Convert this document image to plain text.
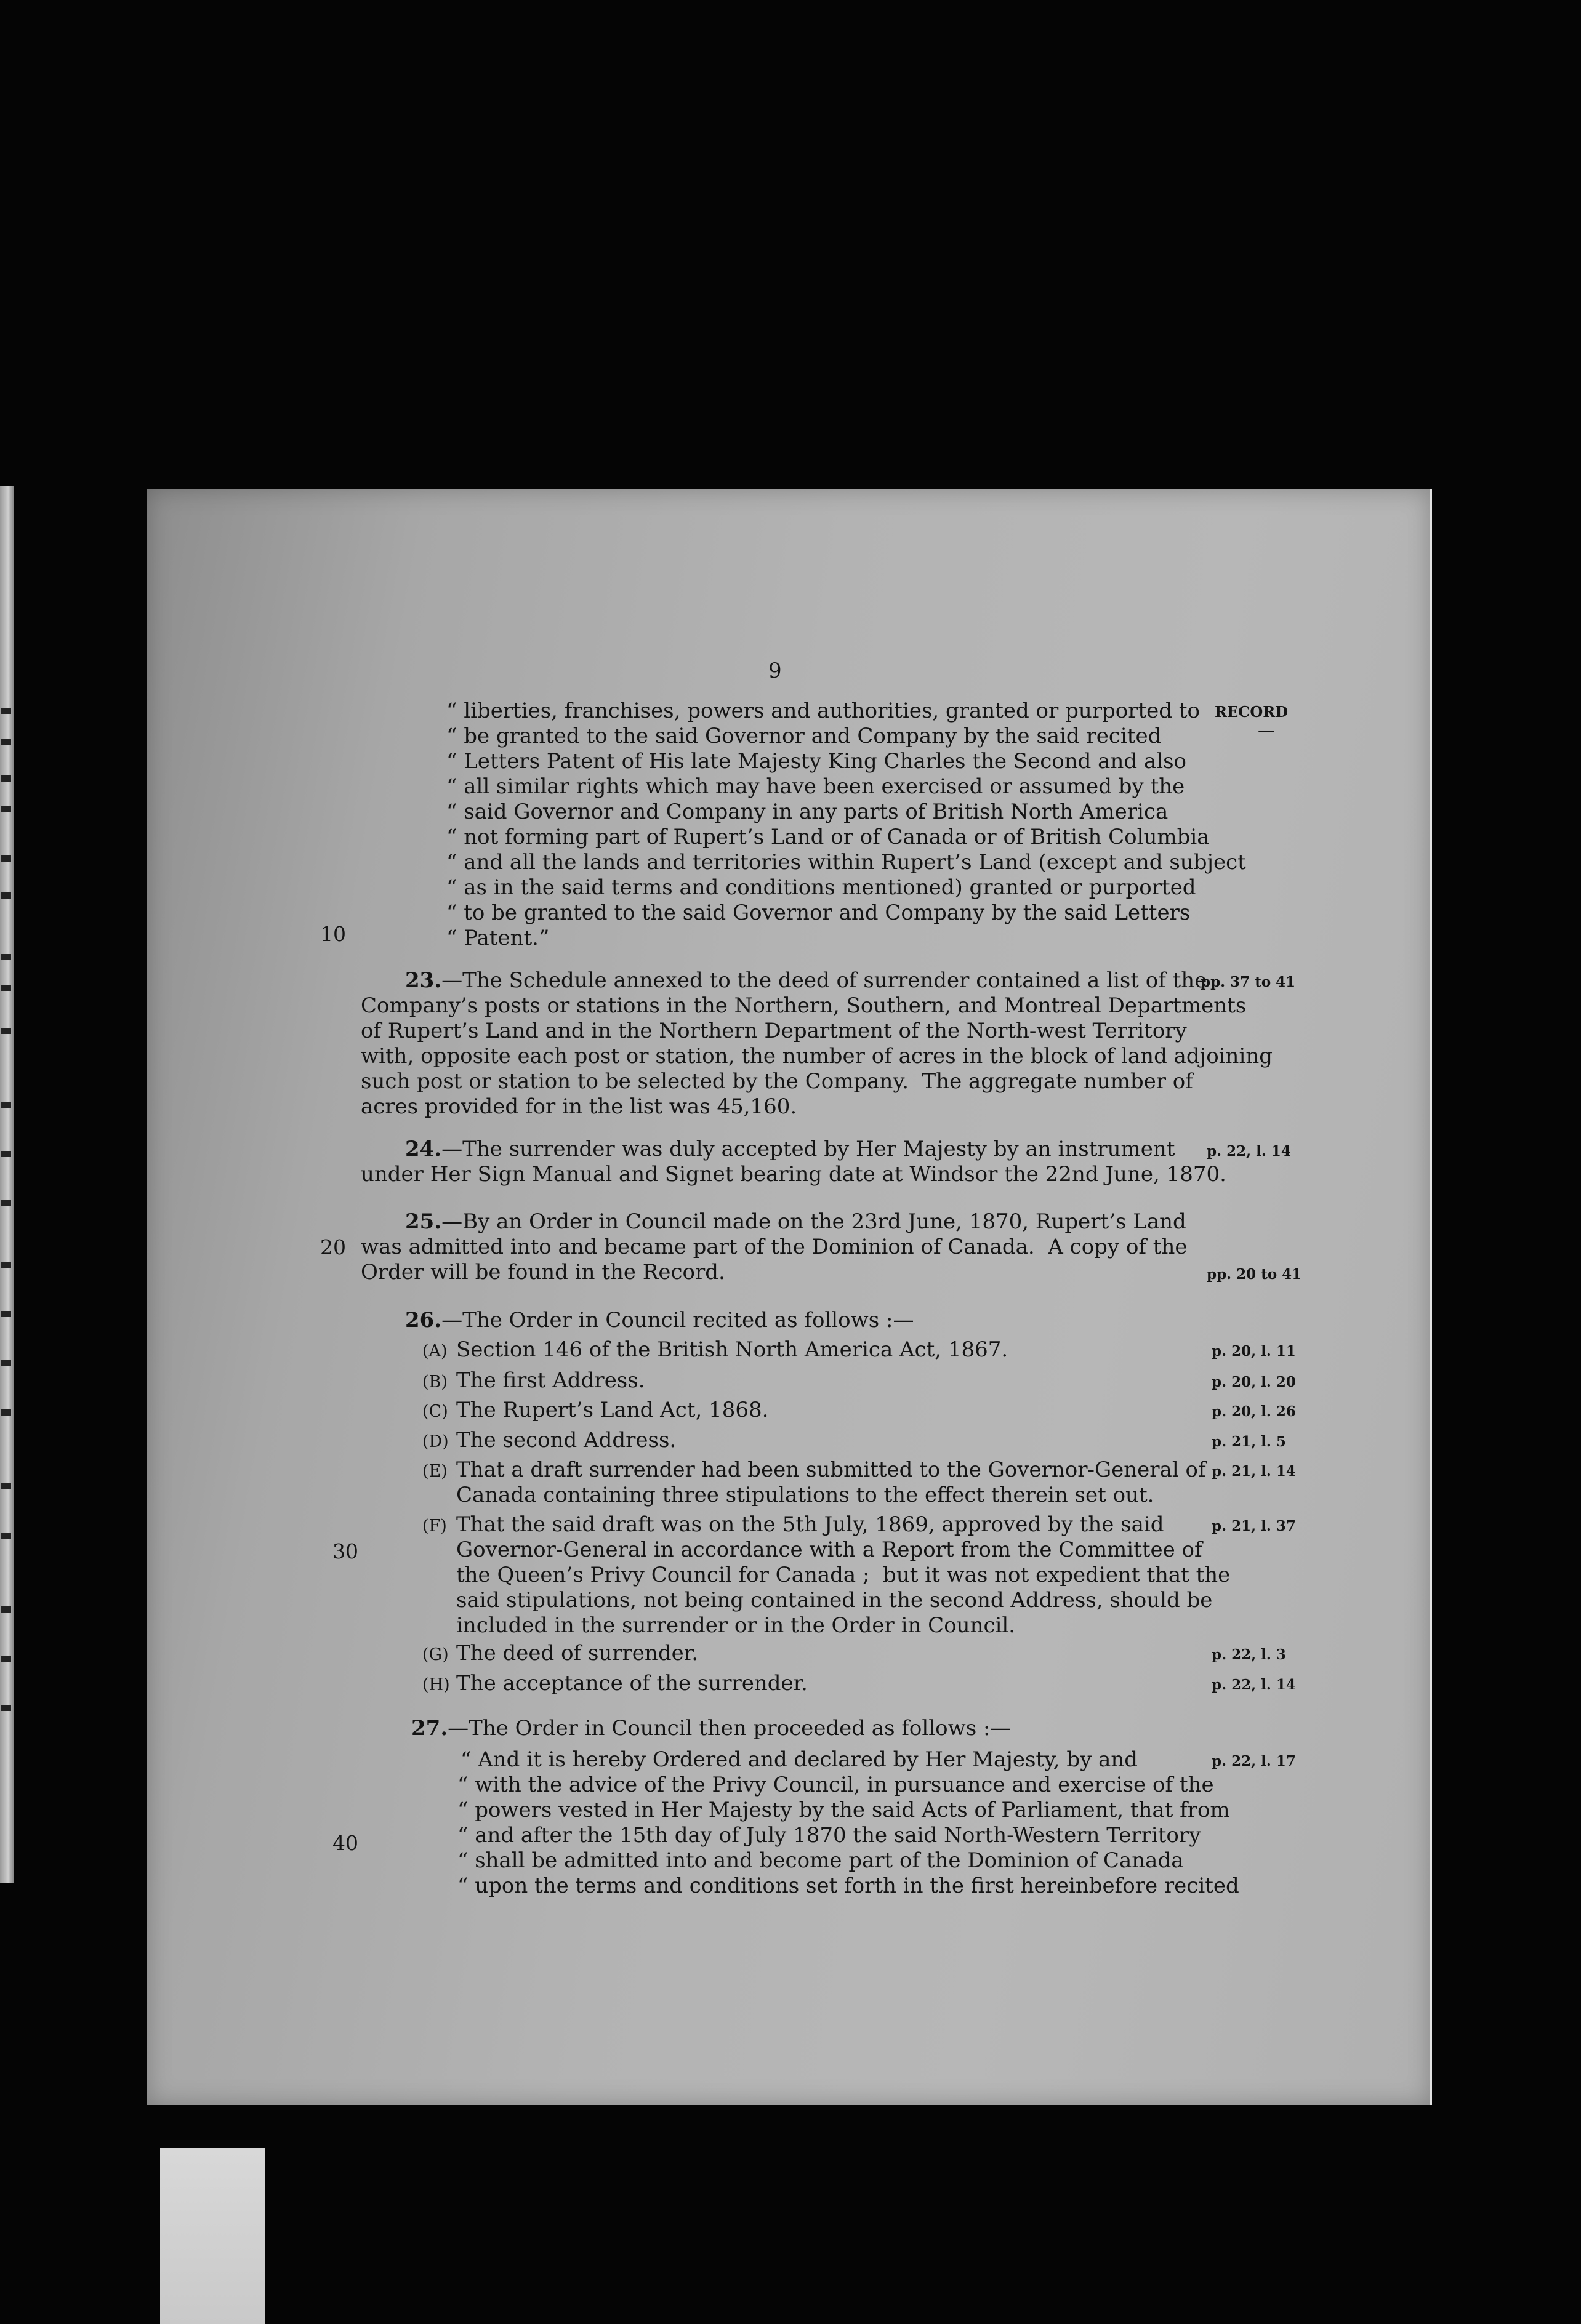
9
RECORD
—
10
20
30
40
“ liberties, franchises, powers and authorities, granted or purported to
“ be granted to the said Governor and Company by the said recited
“ Letters Patent of His late Majesty King Charles the Second and also
“ all similar rights which may have been exercised or assumed by the
“ said Governor and Company in any parts of British North America
“ not forming part of Rupert’s Land or of Canada or of British Columbia
“ and all the lands and territories within Rupert’s Land (except and subject
“ as in the said terms and conditions mentioned) granted or purported
“ to be granted to the said Governor and Company by the said Letters
“ Patent.”
23.—The Schedule annexed to the deed of surrender contained a list of the
Company’s posts or stations in the Northern, Southern, and Montreal Departments
of Rupert’s Land and in the Northern Department of the North-west Territory
with, opposite each post or station, the number of acres in the block of land adjoining
such post or station to be selected by the Company.  The aggregate number of
acres provided for in the list was 45,160.
pp. 37 to 41
24.—The surrender was duly accepted by Her Majesty by an instrument
under Her Sign Manual and Signet bearing date at Windsor the 22nd June, 1870.
p. 22, l. 14
25.—By an Order in Council made on the 23rd June, 1870, Rupert’s Land
was admitted into and became part of the Dominion of Canada.  A copy of the
Order will be found in the Record.	pp. 20 to 41
26.—The Order in Council recited as follows :—
(A) Section 146 of the British North America Act, 1867.	p. 20, l. 11
(B) The first Address.	p. 20, l. 20
(C) The Rupert’s Land Act, 1868.	p. 20, l. 26
(D) The second Address.	p. 21, l. 5
(E) That a draft surrender had been submitted to the Governor-General of
Canada containing three stipulations to the effect therein set out.
p. 21, l. 14
(F) That the said draft was on the 5th July, 1869, approved by the said
Governor-General in accordance with a Report from the Committee of
the Queen’s Privy Council for Canada ;  but it was not expedient that the
said stipulations, not being contained in the second Address, should be
included in the surrender or in the Order in Council.
p. 21, l. 37
(G) The deed of surrender.	p. 22, l. 3
(H) The acceptance of the surrender.	p. 22, l. 14
27.—The Order in Council then proceeded as follows :—
“ And it is hereby Ordered and declared by Her Majesty, by and
“ with the advice of the Privy Council, in pursuance and exercise of the
“ powers vested in Her Majesty by the said Acts of Parliament, that from
“ and after the 15th day of July 1870 the said North-Western Territory
“ shall be admitted into and become part of the Dominion of Canada
“ upon the terms and conditions set forth in the first hereinbefore recited
p. 22, l. 17
